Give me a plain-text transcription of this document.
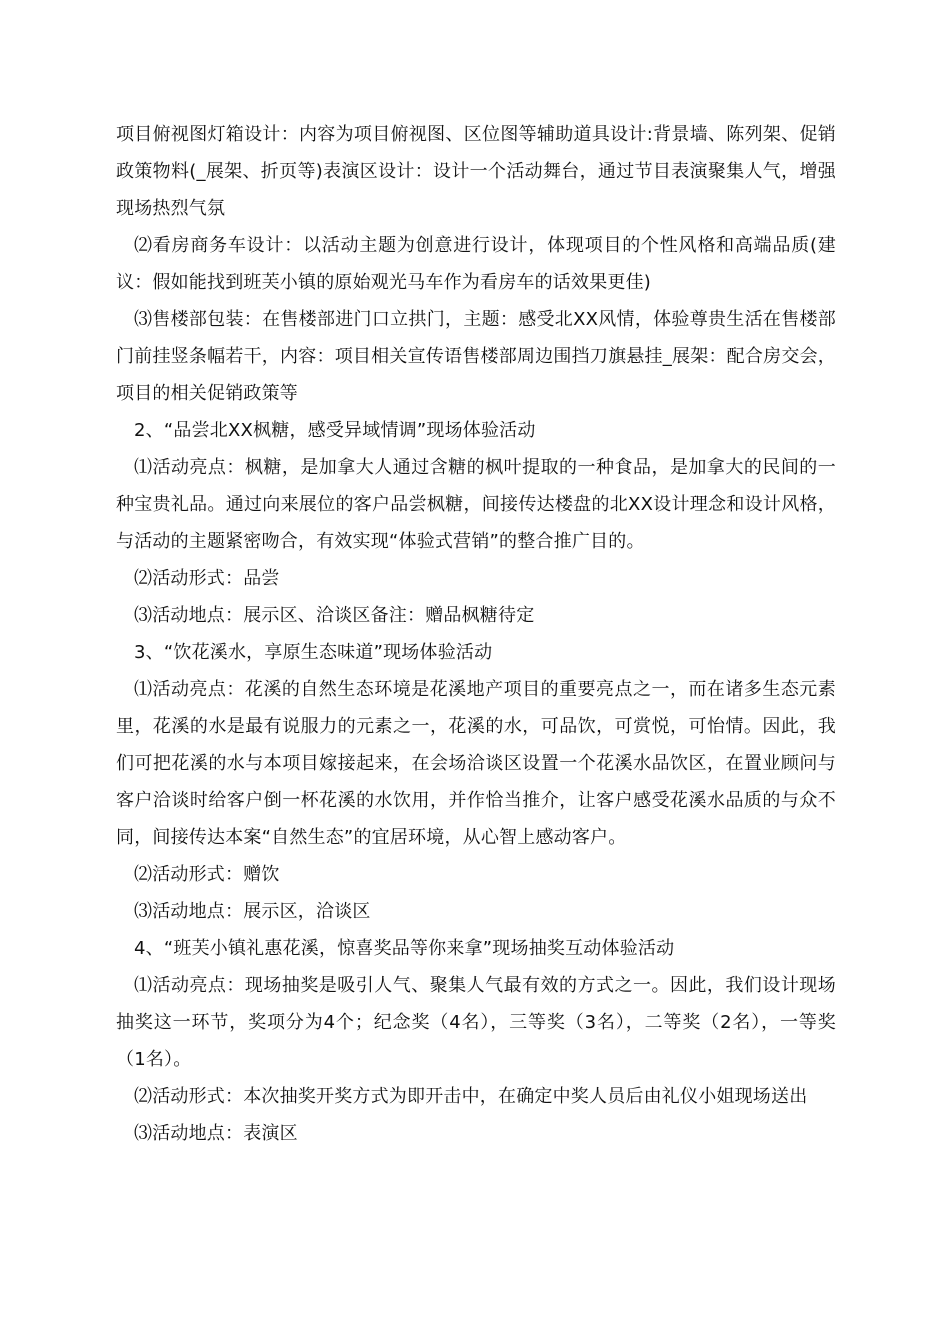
项目俯视图灯箱设计：内容为项目俯视图、区位图等辅助道具设计:背景墙、陈列架、促销政策物料(_展架、折页等)表演区设计：设计一个活动舞台，通过节目表演聚集人气，增强现场热烈气氛

⑵看房商务车设计：以活动主题为创意进行设计，体现项目的个性风格和高端品质(建议：假如能找到班芙小镇的原始观光马车作为看房车的话效果更佳)

⑶售楼部包装：在售楼部进门口立拱门，主题：感受北XX风情，体验尊贵生活在售楼部门前挂竖条幅若干，内容：项目相关宣传语售楼部周边围挡刀旗悬挂_展架：配合房交会，项目的相关促销政策等

2、“品尝北XX枫糖，感受异域情调”现场体验活动

⑴活动亮点：枫糖，是加拿大人通过含糖的枫叶提取的一种食品，是加拿大的民间的一种宝贵礼品。通过向来展位的客户品尝枫糖，间接传达楼盘的北XX设计理念和设计风格，与活动的主题紧密吻合，有效实现“体验式营销”的整合推广目的。

⑵活动形式：品尝

⑶活动地点：展示区、洽谈区备注：赠品枫糖待定

3、“饮花溪水，享原生态味道”现场体验活动

⑴活动亮点：花溪的自然生态环境是花溪地产项目的重要亮点之一，而在诸多生态元素里，花溪的水是最有说服力的元素之一，花溪的水，可品饮，可赏悦，可怡情。因此，我们可把花溪的水与本项目嫁接起来，在会场洽谈区设置一个花溪水品饮区，在置业顾问与客户洽谈时给客户倒一杯花溪的水饮用，并作恰当推介，让客户感受花溪水品质的与众不同，间接传达本案“自然生态”的宜居环境，从心智上感动客户。

⑵活动形式：赠饮

⑶活动地点：展示区，洽谈区

4、“班芙小镇礼惠花溪，惊喜奖品等你来拿”现场抽奖互动体验活动

⑴活动亮点：现场抽奖是吸引人气、聚集人气最有效的方式之一。因此，我们设计现场抽奖这一环节，奖项分为4个；纪念奖（4名），三等奖（3名），二等奖（2名），一等奖（1名）。

⑵活动形式：本次抽奖开奖方式为即开击中，在确定中奖人员后由礼仪小姐现场送出

⑶活动地点：表演区
